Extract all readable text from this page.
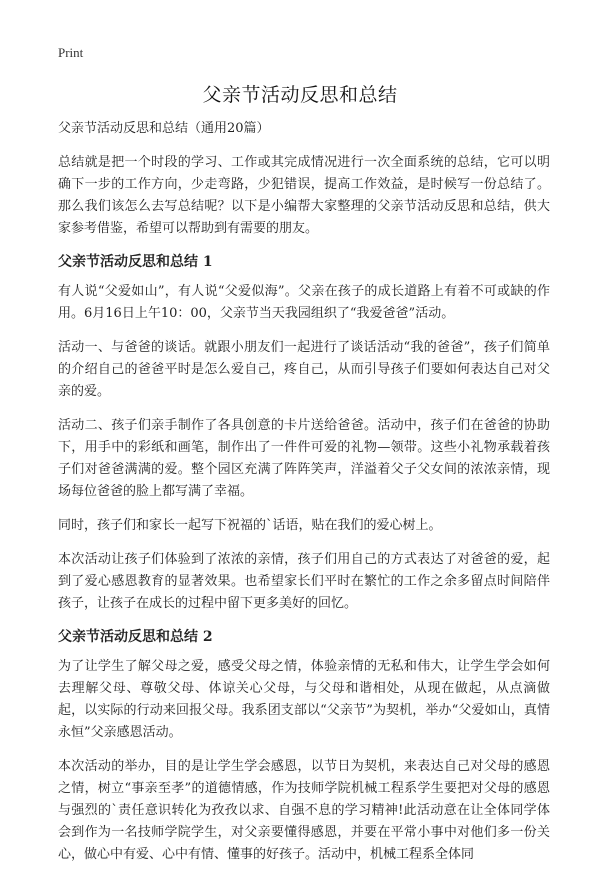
Print
父亲节活动反思和总结

父亲节活动反思和总结（通用20篇）

总结就是把一个时段的学习、工作或其完成情况进行一次全面系统的总结，它可以明确下一步的工作方向，少走弯路，少犯错误，提高工作效益，是时候写一份总结了。那么我们该怎么去写总结呢？以下是小编帮大家整理的父亲节活动反思和总结，供大家参考借鉴，希望可以帮助到有需要的朋友。

父亲节活动反思和总结 1

有人说“父爱如山”，有人说“父爱似海”。父亲在孩子的成长道路上有着不可或缺的作用。6月16日上午10：00，父亲节当天我园组织了“我爱爸爸”活动。

活动一、与爸爸的谈话。就跟小朋友们一起进行了谈话活动“我的爸爸”，孩子们简单的介绍自己的爸爸平时是怎么爱自己，疼自己，从而引导孩子们要如何表达自己对父亲的爱。

活动二、孩子们亲手制作了各具创意的卡片送给爸爸。活动中，孩子们在爸爸的协助下，用手中的彩纸和画笔，制作出了一件件可爱的礼物—领带。这些小礼物承载着孩子们对爸爸满满的爱。整个园区充满了阵阵笑声，洋溢着父子父女间的浓浓亲情，现场每位爸爸的脸上都写满了幸福。

同时，孩子们和家长一起写下祝福的`话语，贴在我们的爱心树上。

本次活动让孩子们体验到了浓浓的亲情，孩子们用自己的方式表达了对爸爸的爱，起到了爱心感恩教育的显著效果。也希望家长们平时在繁忙的工作之余多留点时间陪伴孩子，让孩子在成长的过程中留下更多美好的回忆。

父亲节活动反思和总结 2

为了让学生了解父母之爱，感受父母之情，体验亲情的无私和伟大，让学生学会如何去理解父母、尊敬父母、体谅关心父母，与父母和谐相处，从现在做起，从点滴做起，以实际的行动来回报父母。我系团支部以“父亲节”为契机，举办“父爱如山，真情永恒”父亲感恩活动。

本次活动的举办，目的是让学生学会感恩，以节日为契机，来表达自己对父母的感恩之情，树立“事亲至孝”的道德情感，作为技师学院机械工程系学生要把对父母的感恩与强烈的`责任意识转化为孜孜以求、自强不息的学习精神!此活动意在让全体同学体会到作为一名技师学院学生，对父亲要懂得感恩，并要在平常小事中对他们多一份关心，做心中有爱、心中有情、懂事的好孩子。活动中，机械工程系全体同
